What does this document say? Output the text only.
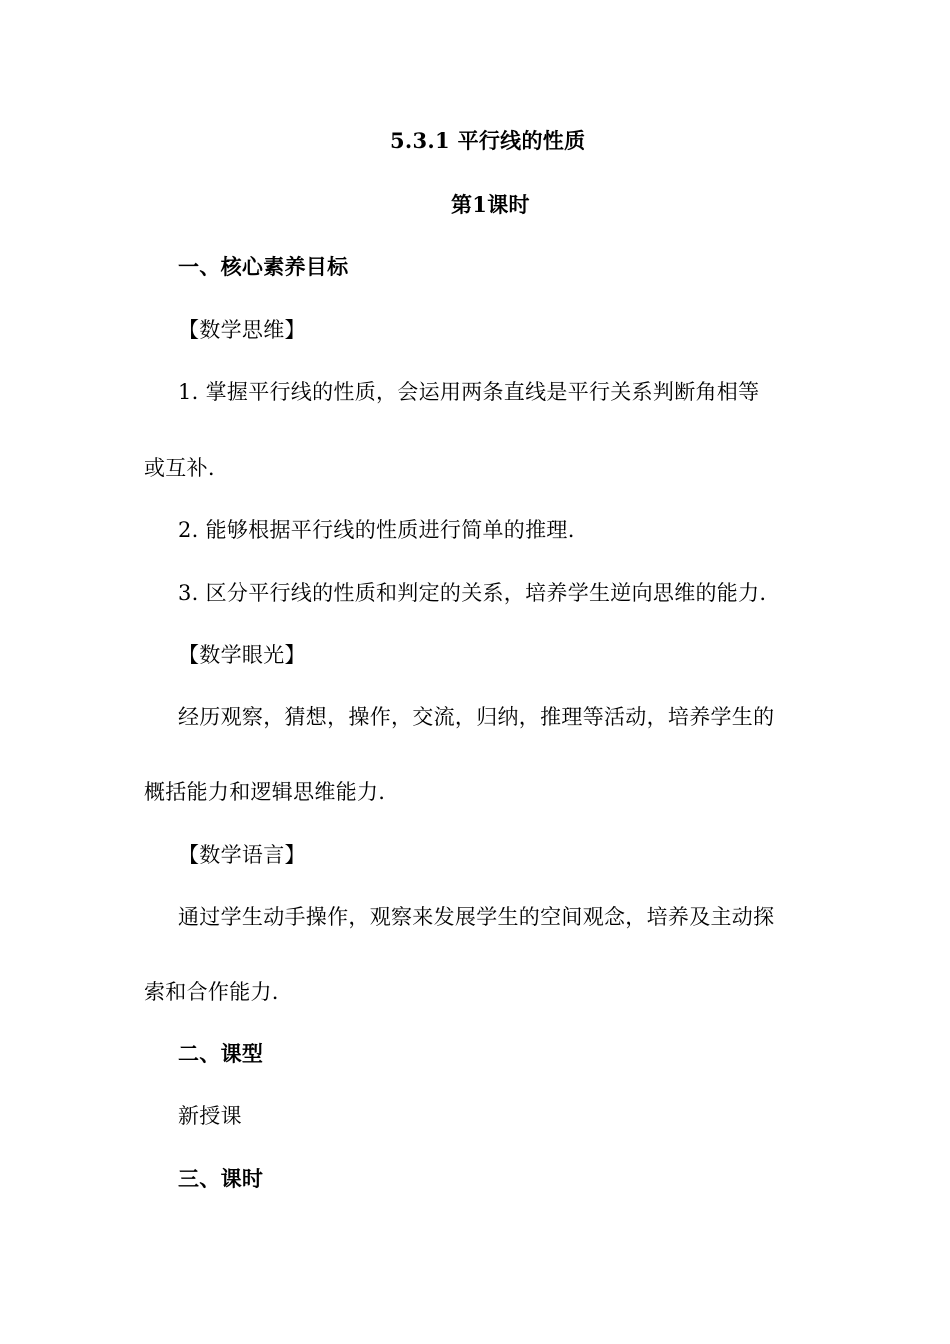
5.3.1 平行线的性质
第1课时
一、核心素养目标
【数学思维】
1. 掌握平行线的性质，会运用两条直线是平行关系判断角相等
或互补.
2. 能够根据平行线的性质进行简单的推理.
3. 区分平行线的性质和判定的关系，培养学生逆向思维的能力.
【数学眼光】
经历观察，猜想，操作，交流，归纳，推理等活动，培养学生的
概括能力和逻辑思维能力.
【数学语言】
通过学生动手操作，观察来发展学生的空间观念，培养及主动探
索和合作能力.
二、课型
新授课
三、课时
